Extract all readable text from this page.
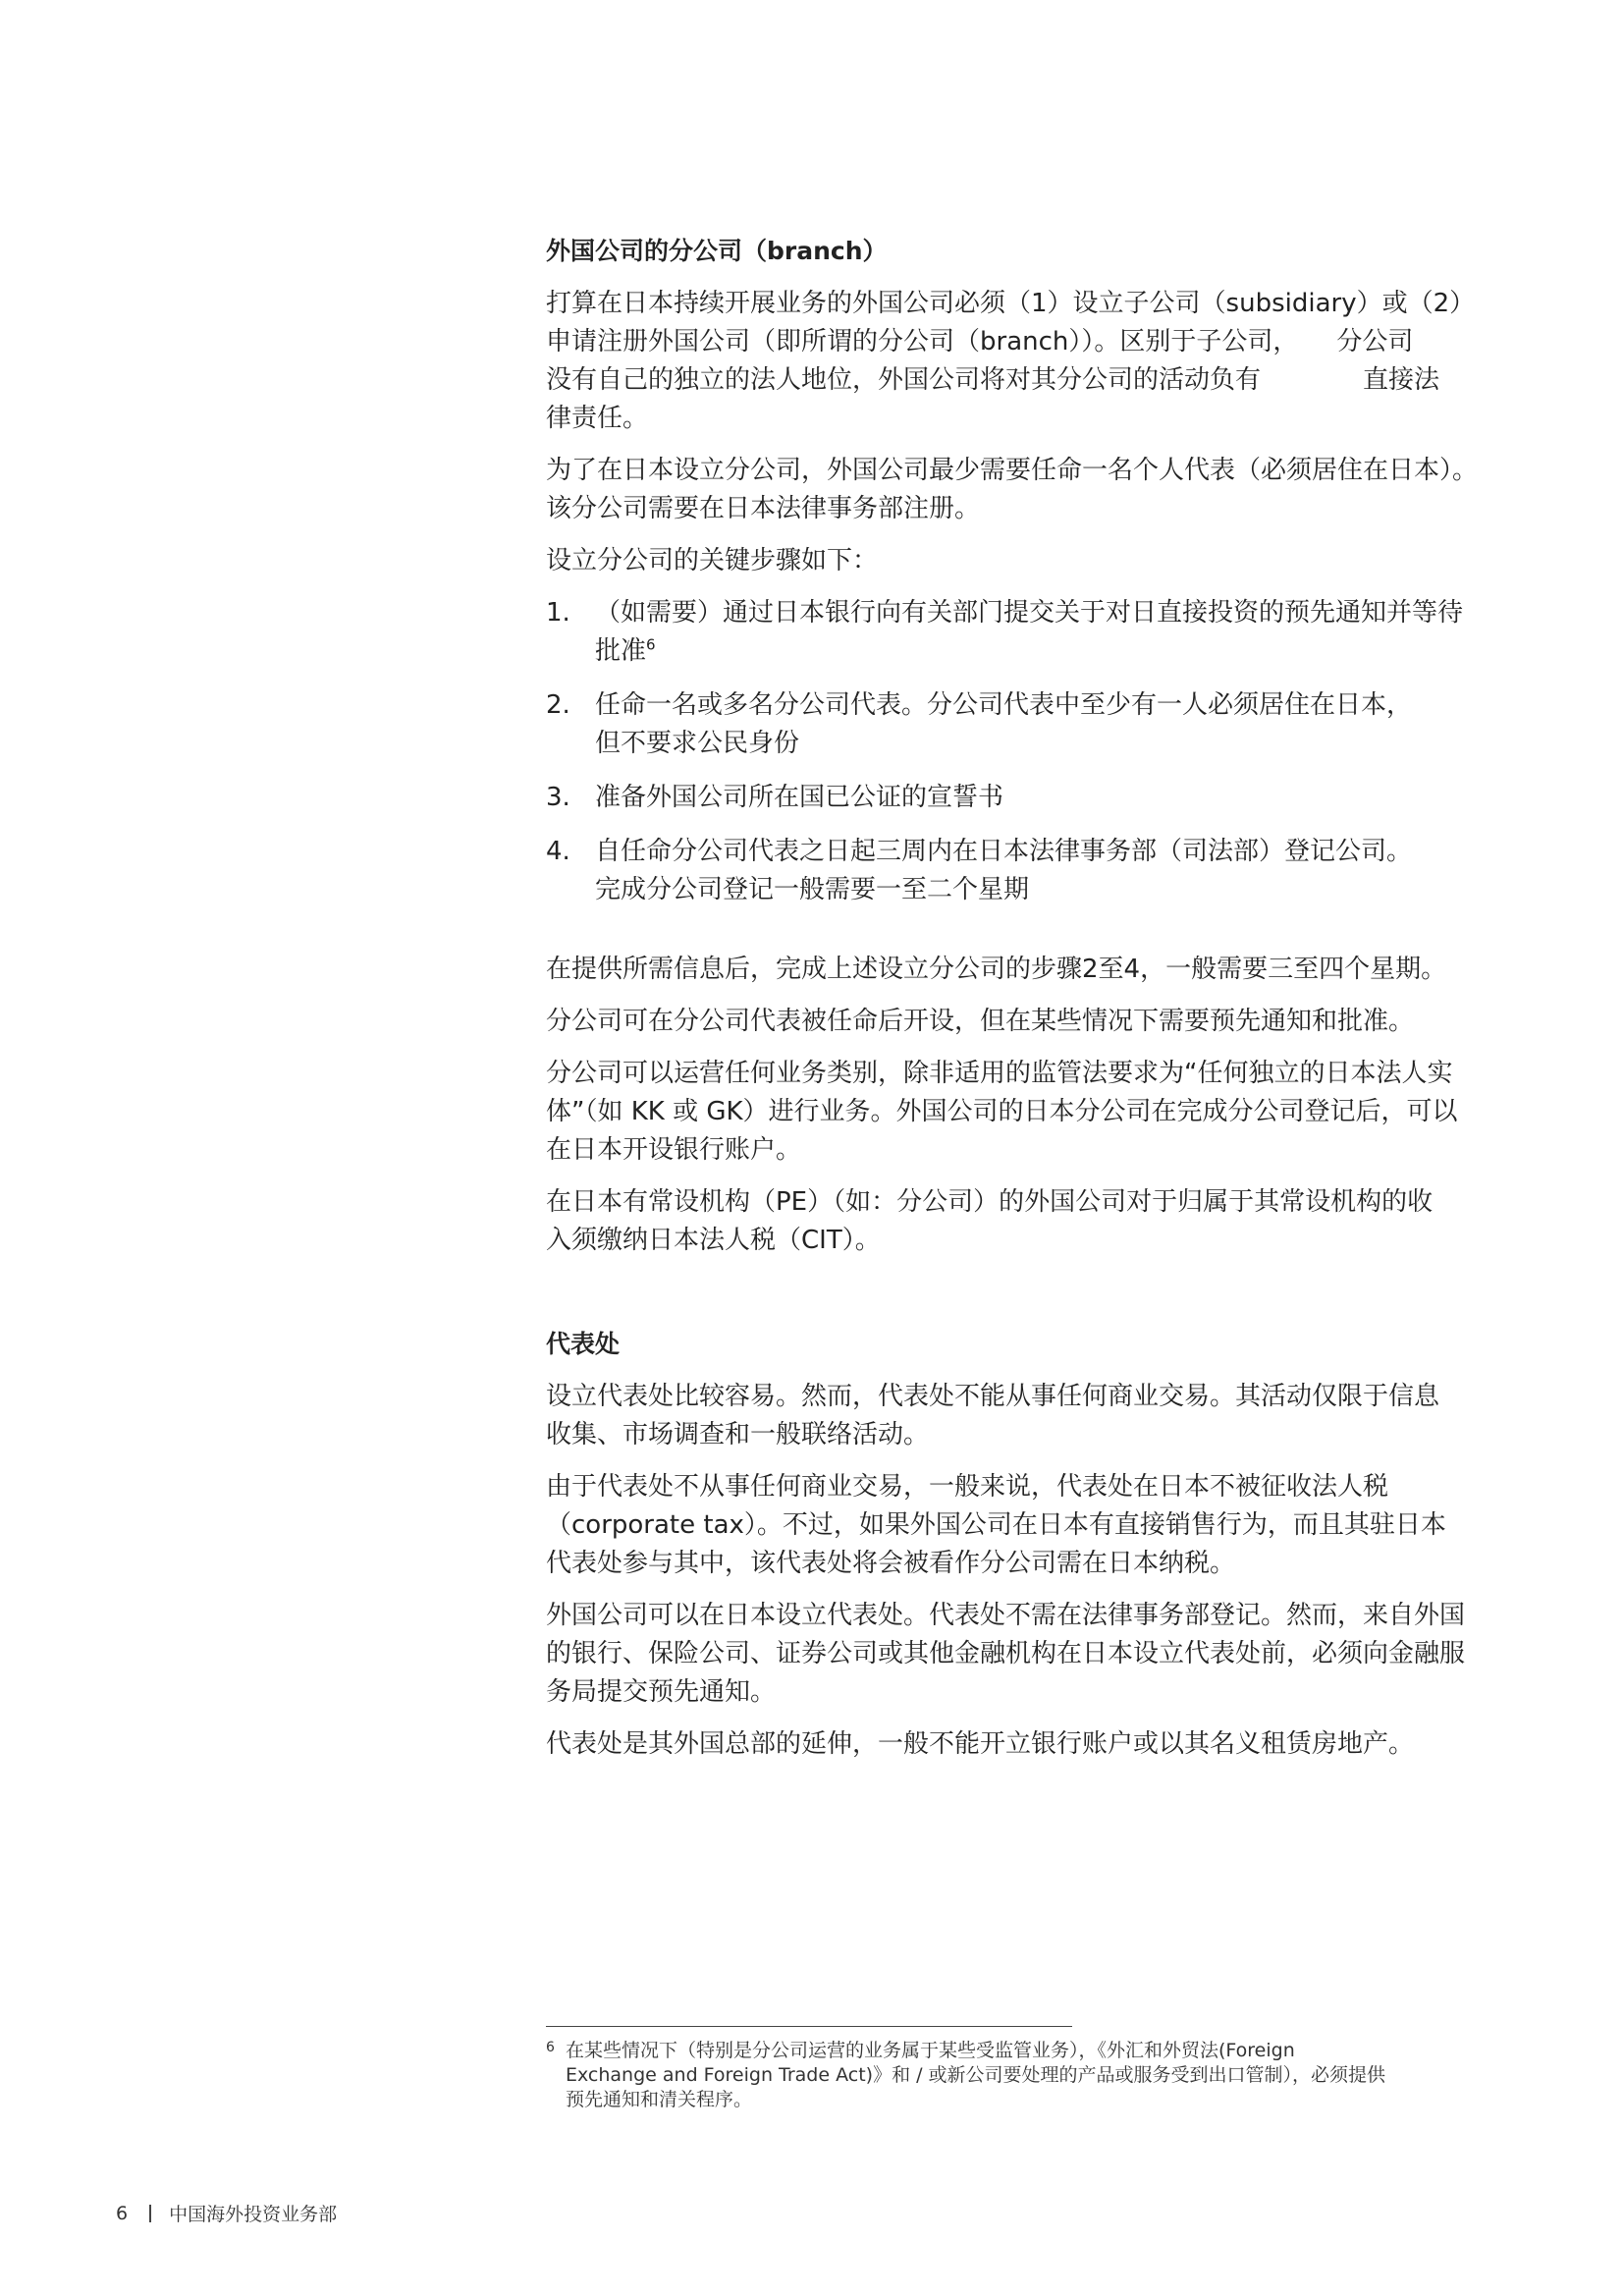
外国公司的分公司（branch）
打算在日本持续开展业务的外国公司必须（1）设立子公司（subsidiary）或（2）
申请注册外国公司（即所谓的分公司（branch））。区别于子公司，　　分公司
没有自己的独立的法人地位，外国公司将对其分公司的活动负有　　　　直接法
律责任。
为了在日本设立分公司，外国公司最少需要任命一名个人代表（必须居住在日本）。
该分公司需要在日本法律事务部注册。
设立分公司的关键步骤如下：
1. （如需要）通过日本银行向有关部门提交关于对日直接投资的预先通知并等待
批准$^6$
2. 任命一名或多名分公司代表。分公司代表中至少有一人必须居住在日本，
但不要求公民身份
3. 准备外国公司所在国已公证的宣誓书
4. 自任命分公司代表之日起三周内在日本法律事务部（司法部）登记公司。
完成分公司登记一般需要一至二个星期
在提供所需信息后，完成上述设立分公司的步骤2至4，一般需要三至四个星期。
分公司可在分公司代表被任命后开设，但在某些情况下需要预先通知和批准。
分公司可以运营任何业务类别，除非适用的监管法要求为“任何独立的日本法人实
体”（如 KK 或 GK）进行业务。外国公司的日本分公司在完成分公司登记后，可以
在日本开设银行账户。
在日本有常设机构（PE）（如：分公司）的外国公司对于归属于其常设机构的收
入须缴纳日本法人税（CIT）。
代表处
设立代表处比较容易。然而，代表处不能从事任何商业交易。其活动仅限于信息
收集、市场调查和一般联络活动。
由于代表处不从事任何商业交易，一般来说，代表处在日本不被征收法人税
（corporate tax）。不过，如果外国公司在日本有直接销售行为，而且其驻日本
代表处参与其中，该代表处将会被看作分公司需在日本纳税。
外国公司可以在日本设立代表处。代表处不需在法律事务部登记。然而，来自外国
的银行、保险公司、证券公司或其他金融机构在日本设立代表处前，必须向金融服
务局提交预先通知。
代表处是其外国总部的延伸，一般不能开立银行账户或以其名义租赁房地产。
6 在某些情况下（特别是分公司运营的业务属于某些受监管业务），《外汇和外贸法(Foreign
Exchange and Foreign Trade Act)》和 / 或新公司要处理的产品或服务受到出口管制），必须提供
预先通知和清关程序。
6 中国海外投资业务部
